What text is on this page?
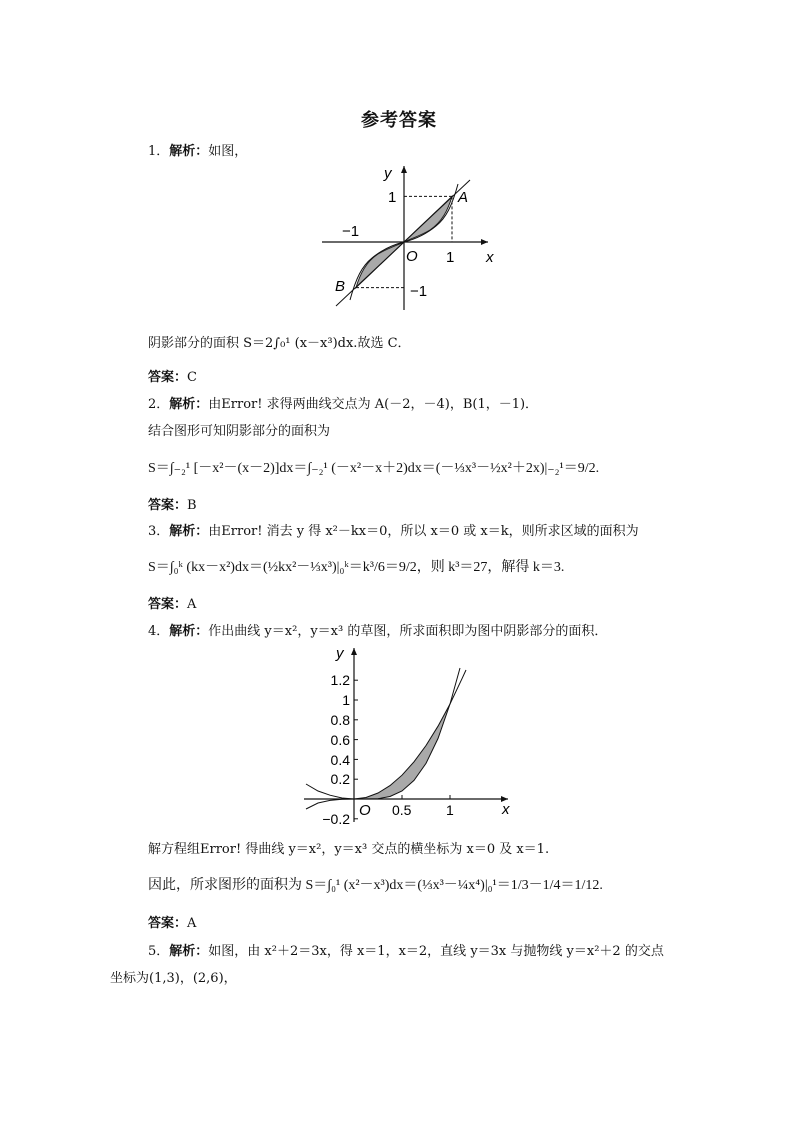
参考答案
1．解析：如图，
y
x
O
A
B
1
1
−1
−1
阴影部分的面积 S＝2∫₀¹ (x－x³)dx.故选 C．
答案：C
2．解析：由Error! 求得两曲线交点为 A(－2，－4)，B(1，－1)．
结合图形可知阴影部分的面积为
S＝∫₋₂¹ [－x²－(x－2)]dx＝∫₋₂¹ (－x²－x＋2)dx＝(－⅓x³－½x²＋2x)|₋₂¹＝9/2.
答案：B
3．解析：由Error! 消去 y 得 x²－kx＝0，所以 x＝0 或 x＝k，则所求区域的面积为
S＝∫₀ᵏ (kx－x²)dx＝(½kx²－⅓x³)|₀ᵏ＝k³/6＝9/2，则 k³＝27，解得 k＝3.
答案：A
4．解析：作出曲线 y＝x²，y＝x³ 的草图，所求面积即为图中阴影部分的面积．
y
x
O
1.2
1
0.8
0.6
0.4
0.2
−0.2
0.5 1
解方程组Error! 得曲线 y＝x²，y＝x³ 交点的横坐标为 x＝0 及 x＝1.
因此，所求图形的面积为 S＝∫₀¹ (x²－x³)dx＝(⅓x³－¼x⁴)|₀¹＝1/3－1/4＝1/12.
答案：A
5．解析：如图，由 x²＋2＝3x，得 x＝1，x＝2，直线 y＝3x 与抛物线 y＝x²＋2 的交点
坐标为(1,3)，(2,6)，
